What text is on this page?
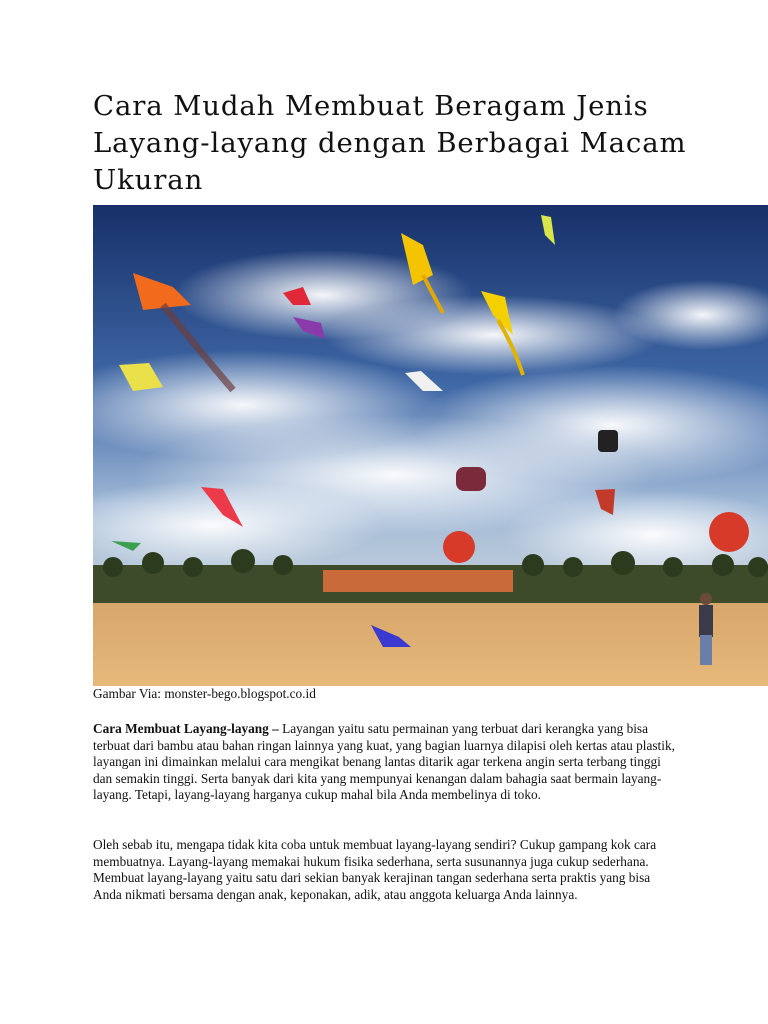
Cara Mudah Membuat Beragam Jenis Layang-layang dengan Berbagai Macam Ukuran
Gambar Via: monster-bego.blogspot.co.id

Cara Membuat Layang-layang – Layangan yaitu satu permainan yang terbuat dari kerangka yang bisa terbuat dari bambu atau bahan ringan lainnya yang kuat, yang bagian luarnya dilapisi oleh kertas atau plastik, layangan ini dimainkan melalui cara mengikat benang lantas ditarik agar terkena angin serta terbang tinggi dan semakin tinggi. Serta banyak dari kita yang mempunyai kenangan dalam bahagia saat bermain layang-layang. Tetapi, layang-layang harganya cukup mahal bila Anda membelinya di toko.

Oleh sebab itu, mengapa tidak kita coba untuk membuat layang-layang sendiri? Cukup gampang kok cara membuatnya. Layang-layang memakai hukum fisika sederhana, serta susunannya juga cukup sederhana. Membuat layang-layang yaitu satu dari sekian banyak kerajinan tangan sederhana serta praktis yang bisa Anda nikmati bersama dengan anak, keponakan, adik, atau anggota keluarga Anda lainnya.
